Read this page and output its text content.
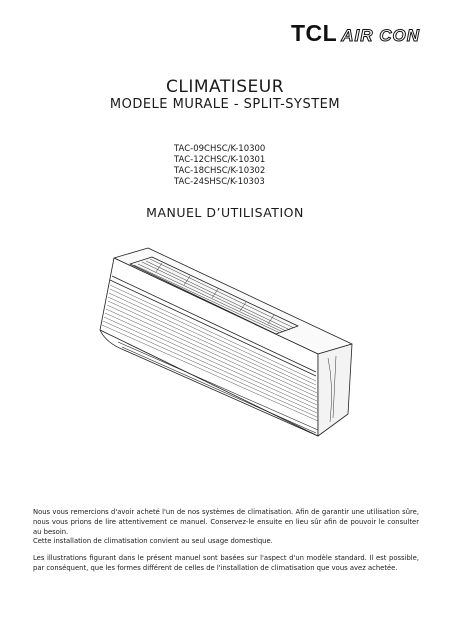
TCL AIR CON
CLIMATISEUR
MODELE MURALE - SPLIT-SYSTEM
TAC-09CHSC/K-10300
TAC-12CHSC/K-10301
TAC-18CHSC/K-10302
TAC-24SHSC/K-10303
MANUEL D’UTILISATION

Nous vous remercions d'avoir acheté l'un de nos systèmes de climatisation. Afin de garantir une utilisation sûre, nous vous prions de lire attentivement ce manuel. Conservez-le ensuite en lieu sûr afin de pouvoir le consulter au besoin.

Cette installation de climatisation convient au seul usage domestique.

Les illustrations figurant dans le présent manuel sont basées sur l'aspect d'un modèle standard. Il est possible, par conséquent, que les formes différent de celles de l'installation de climatisation que vous avez achetée.
